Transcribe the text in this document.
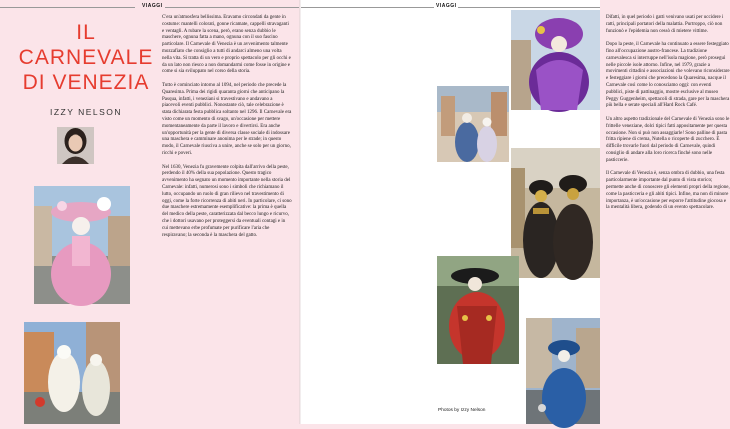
VIAGGI
IL
CARNEVALE
DI VENEZIA
IZZY NELSON

C'era un'atmosfera bellissima. Eravamo circondati da gente in costume: mantelli colorati, gonne ricamate, cappelli stravaganti e ventagli. A rubare la scena, però, erano senza dubbio le maschere, ognuna fatta a mano, ognuna con il suo fascino particolare. Il Carnevale di Venezia è un avvenimento talmente mozzafiato che consiglio a tutti di andarci almeno una volta nella vita. Si tratta di un vero e proprio spettacolo per gli occhi e da un lato non riesco a non domandarmi come fosse in origine e come si sia sviluppato nel corso della storia.

Tutto è cominciato intorno al 1094, nel periodo che precede la Quaresima. Prima dei rigidi quaranta giorni che anticipano la Pasqua, infatti, i veneziani si travestivano e andavano a piacevoli eventi pubblici. Nonostante ciò, tale celebrazione è stata dichiarata festa pubblica soltanto nel 1296. Il Carnevale era visto come un momento di svago, un'occasione per mettere momentaneamente da parte il lavoro e divertirsi. Era anche un'opportunità per la gente di diversa classe sociale di indossare una maschera e camminare anonima per le strade; in questo modo, il Carnevale riusciva a unire, anche se solo per un giorno, ricchi e poveri.

Nel 1630, Venezia fu gravemente colpita dall'arrivo della peste, perdendo il 40% della sua popolazione. Questo tragico avvenimento ha segnato un momento importante nella storia del Carnevale: infatti, numerosi sono i simboli che richiamano il lutto, occupando un ruolo di gran rilievo nel travestimento di oggi, come la forte ricorrenza di abiti neri. In particolare, ci sono due maschere estremamente esemplificative: la prima è quella del medico della peste, caratterizzata dal becco lungo e ricurvo, che i dottori usavano per proteggersi da eventuali contagi e in cui mettevano erbe profumate per purificare l'aria che respiravano; la seconda è la maschera del gatto.

VIAGGI

Difatti, in quel periodo i gatti venivano usati per uccidere i ratti, principali portatori della malattia. Purtroppo, ciò non funzionò e l'epidemia non cessò di mietere vittime.

Dopo la peste, il Carnevale ha continuato a essere festeggiato fino all'occupazione austro-francese. La tradizione carnevalesca si interruppe nell'isola magione, però proseguì nelle piccole isole attorno. Infine, nel 1979, grazie a movimenti cittadini e associazioni che volevano riconsiderare e festeggiare i giorni che precedono la Quaresima, nacque il Carnevale così come lo conosciamo oggi: con eventi pubblici, piste di pattinaggio, mostre esclusive al museo Peggy Guggenheim, spettacoli di strada, gare per la maschera più bella e serate speciali all'Hard Rock Café.

Un altro aspetto tradizionale del Carnevale di Venezia sono le frittelle veneziane, dolci tipici fatti appositamente per questa occasione. Non si può non assaggiarle! Sono palline di pasta fritta ripiene di crema, Nutella o ricoperte di zucchero. È difficile trovarle fuori dal periodo di Carnevale, quindi consiglio di andare alla loro ricerca finché sono nelle pasticcerie.

Il Carnevale di Venezia è, senza ombra di dubbio, una festa particolarmente importante dal punto di vista storico; permette anche di conoscere gli elementi propri della regione, come la pasticceria e gli abiti tipici. Infine, ma non di minore importanza, è un'occasione per esporre l'attitudine giocosa e la mentalità libera, godendo di un evento spettacolare.

Photos by Izzy Nelson
